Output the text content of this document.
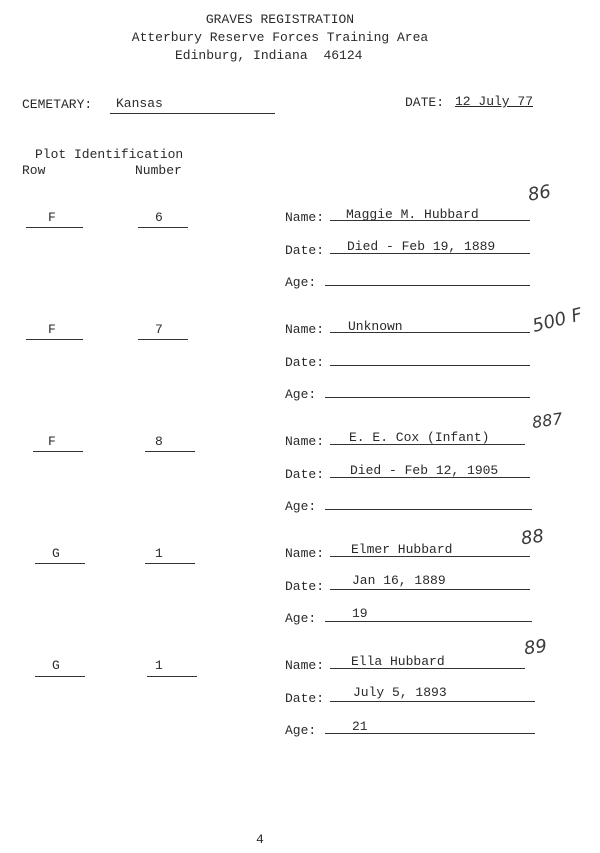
GRAVES REGISTRATION
Atterbury Reserve Forces Training Area
Edinburg, Indiana 46124
CEMETARY: Kansas	DATE: 12 July 77
Plot Identification
Row	Number
F	6	Name: Maggie M. Hubbard
Date: Died - Feb 19, 1889
Age:
86
F	7	Name: Unknown
Date:
Age:
500 F
F	8	Name: E. E. Cox (Infant)
Date: Died - Feb 12, 1905
Age:
887
G	1	Name: Elmer Hubbard
Date: Jan 16, 1889
Age:	19
88
G	1	Name: Ella Hubbard
Date: July 5, 1893
Age:	21
89
4
